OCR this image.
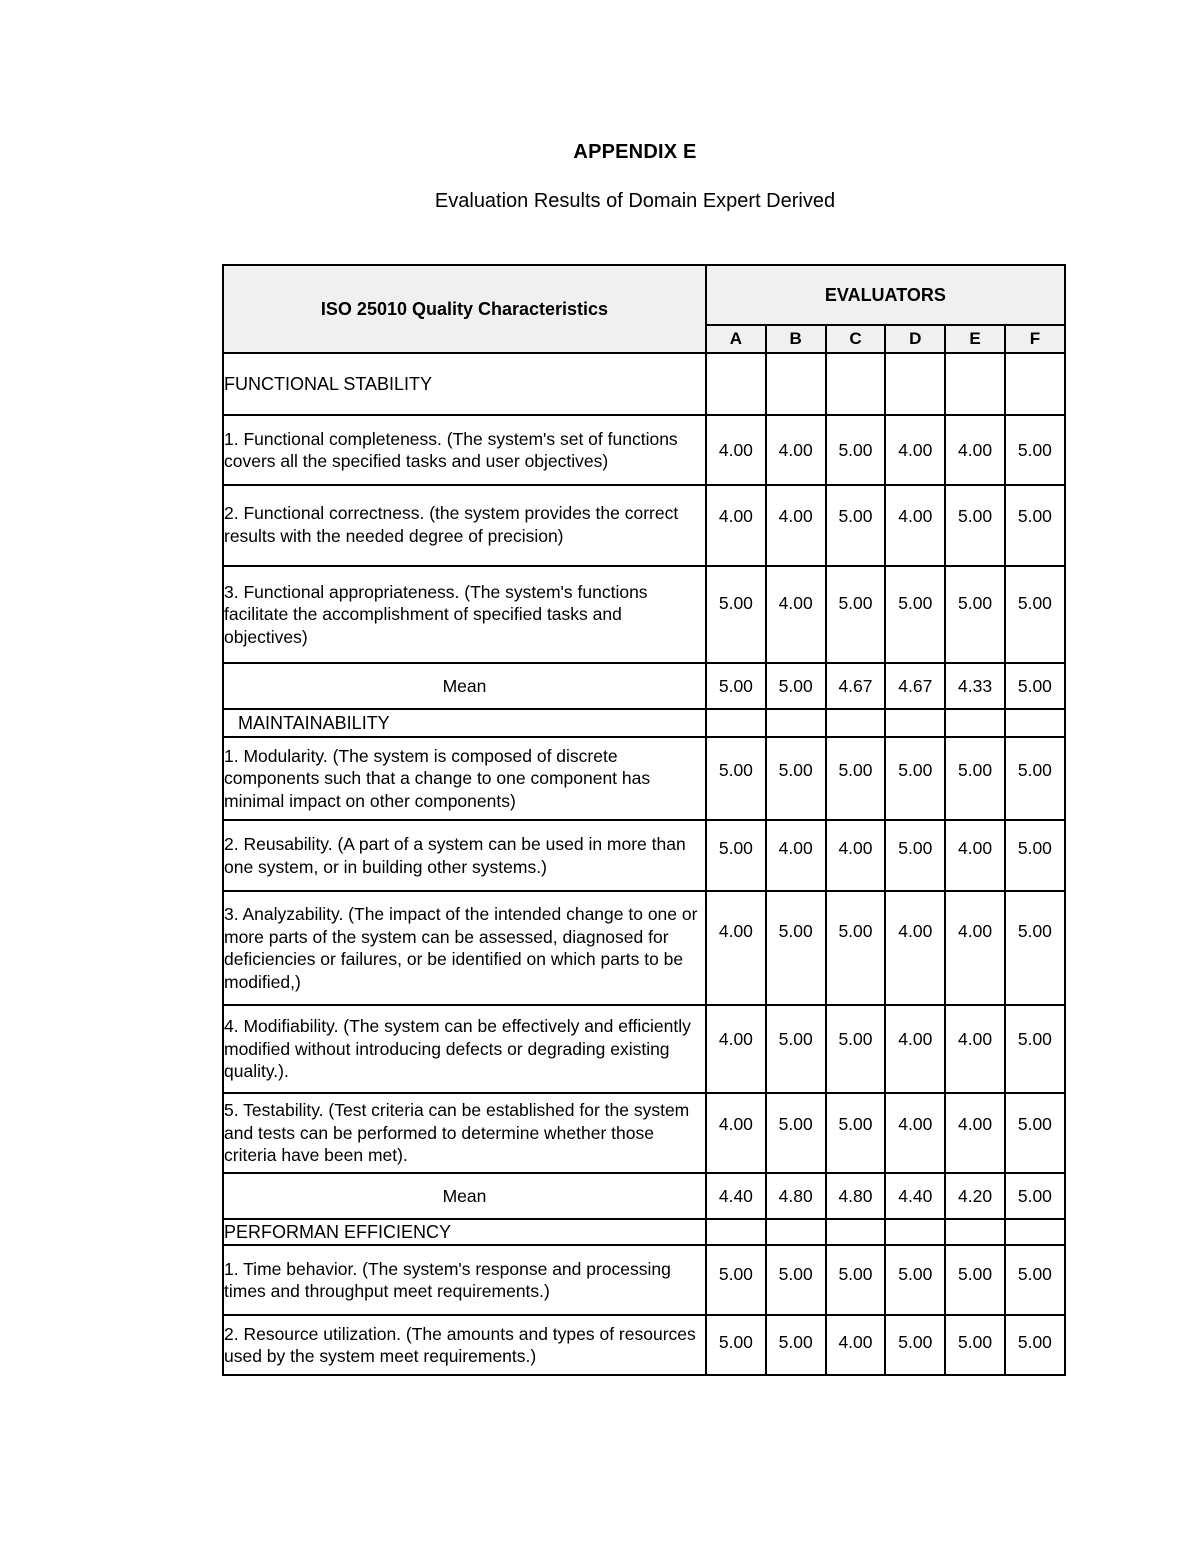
APPENDIX E
Evaluation Results of Domain Expert Derived
ISO 25010 Quality Characteristics	EVALUATORS					
	A	B	C	D	E	F
FUNCTIONAL STABILITY						
1. Functional completeness. (The system's set of functions covers all the specified tasks and user objectives)	4.00	4.00	5.00	4.00	4.00	5.00
2. Functional correctness. (the system provides the correct results with the needed degree of precision)	4.00	4.00	5.00	4.00	5.00	5.00
3. Functional appropriateness. (The system's functions facilitate the accomplishment of specified tasks and objectives)	5.00	4.00	5.00	5.00	5.00	5.00
Mean	5.00	5.00	4.67	4.67	4.33	5.00
MAINTAINABILITY						
1. Modularity. (The system is composed of discrete components such that a change to one component has minimal impact on other components)	5.00	5.00	5.00	5.00	5.00	5.00
2. Reusability. (A part of a system can be used in more than one system, or in building other systems.)	5.00	4.00	4.00	5.00	4.00	5.00
3. Analyzability. (The impact of the intended change to one or more parts of the system can be assessed, diagnosed for deficiencies or failures, or be identified on which parts to be modified,)	4.00	5.00	5.00	4.00	4.00	5.00
4. Modifiability. (The system can be effectively and efficiently modified without introducing defects or degrading existing quality.).	4.00	5.00	5.00	4.00	4.00	5.00
5. Testability. (Test criteria can be established for the system and tests can be performed to determine whether those criteria have been met).	4.00	5.00	5.00	4.00	4.00	5.00
Mean	4.40	4.80	4.80	4.40	4.20	5.00
PERFORMAN EFFICIENCY						
1. Time behavior. (The system's response and processing times and throughput meet requirements.)	5.00	5.00	5.00	5.00	5.00	5.00
2. Resource utilization. (The amounts and types of resources used by the system meet requirements.)	5.00	5.00	4.00	5.00	5.00	5.00
